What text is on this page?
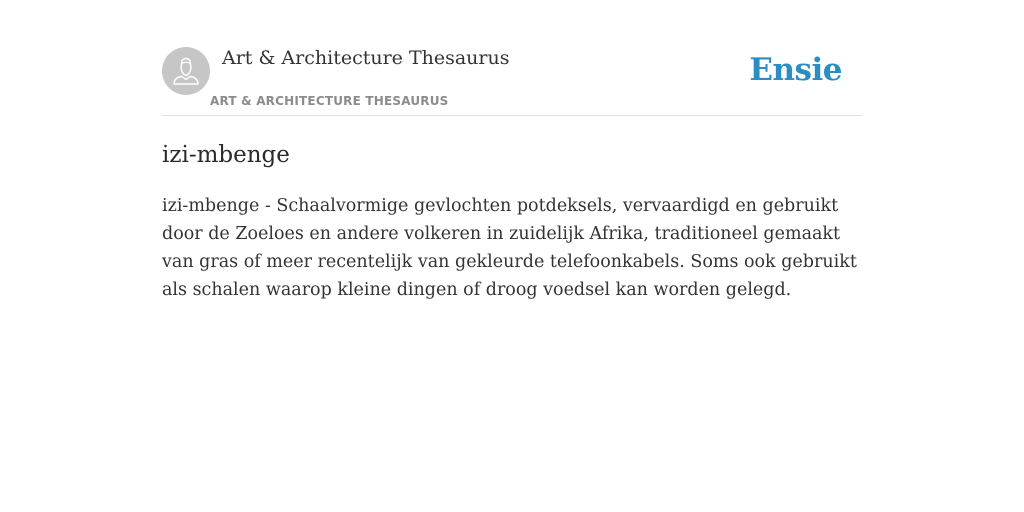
Art & Architecture Thesaurus
ART & ARCHITECTURE THESAURUS
Ensie
izi-mbenge

izi-mbenge - Schaalvormige gevlochten potdeksels, vervaardigd en gebruikt door de Zoeloes en andere volkeren in zuidelijk Afrika, traditioneel gemaakt van gras of meer recentelijk van gekleurde telefoonkabels. Soms ook gebruikt als schalen waarop kleine dingen of droog voedsel kan worden gelegd.
